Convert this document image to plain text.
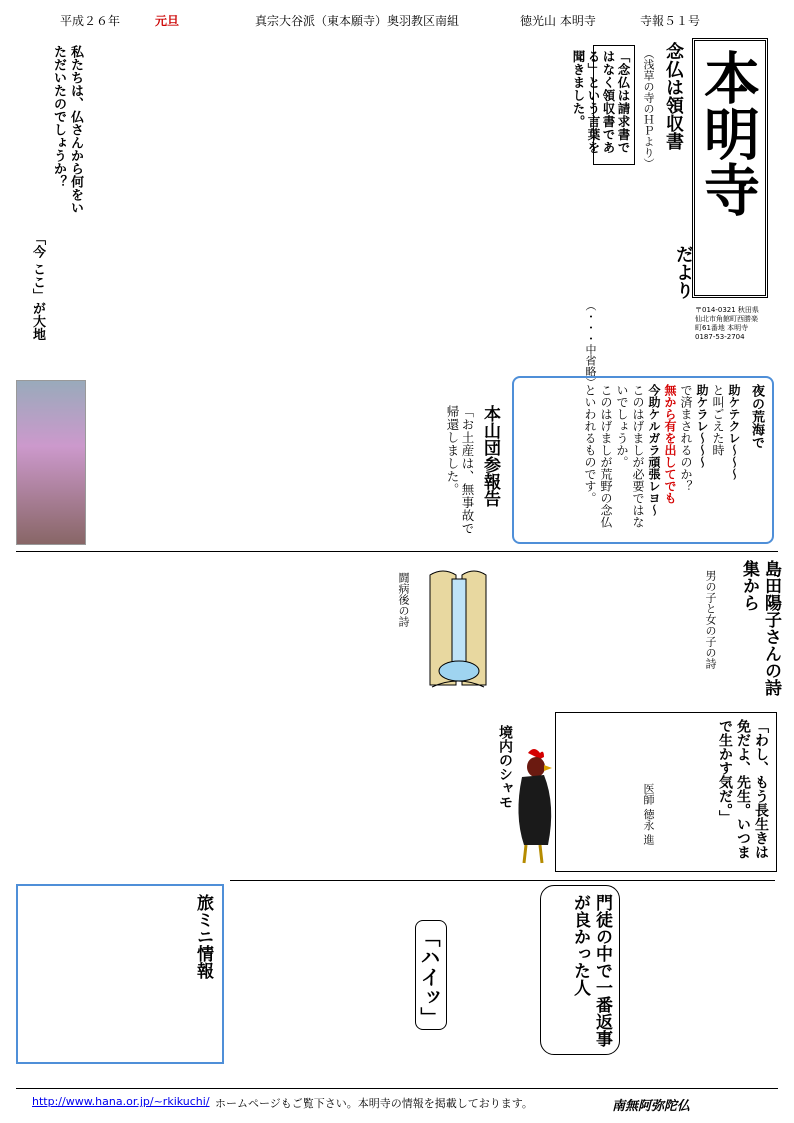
平成２６年	元旦	真宗大谷派（東本願寺）奥羽教区南組	徳光山 本明寺	寺報５１号
本明寺
だより
〒014-0321 秋田県仙北市角館町西勝楽町61番地 本明寺 0187-53-2704
念仏は領収書
（浅草の寺のＨＰより）
「念仏は請求書ではなく領収書である」という言葉を聞きました。
私たちは、仏さんから何をいただいたのでしょうか？
「今 ここ」が大地
（・・・中省略）
夜の荒海で
助ケテクレ～～～
と叫ごえた時
助ケラレ～～～
で済まされるのか？
無から有を出してでも
今助ケルガラ頑張レヨ～
このはげましが必要ではないでしょうか。
このはげましが荒野の念仏といわれるものです。
本山団参報告
「お土産は、無事故で帰還しました。
島田陽子さんの詩集から
男の子と女の子の詩
闘病後の詩
「わし、もう長生きは免だよ、先生。いつまで生かす気だ。」
医師 徳永 進
境内のシャモ
門徒の中で一番返事が良かった人
「ハイッ」
旅ミニ情報
http://www.hana.or.jp/~rkikuchi/ ホームページもご覧下さい。本明寺の情報を掲載しております。	南無阿弥陀仏
